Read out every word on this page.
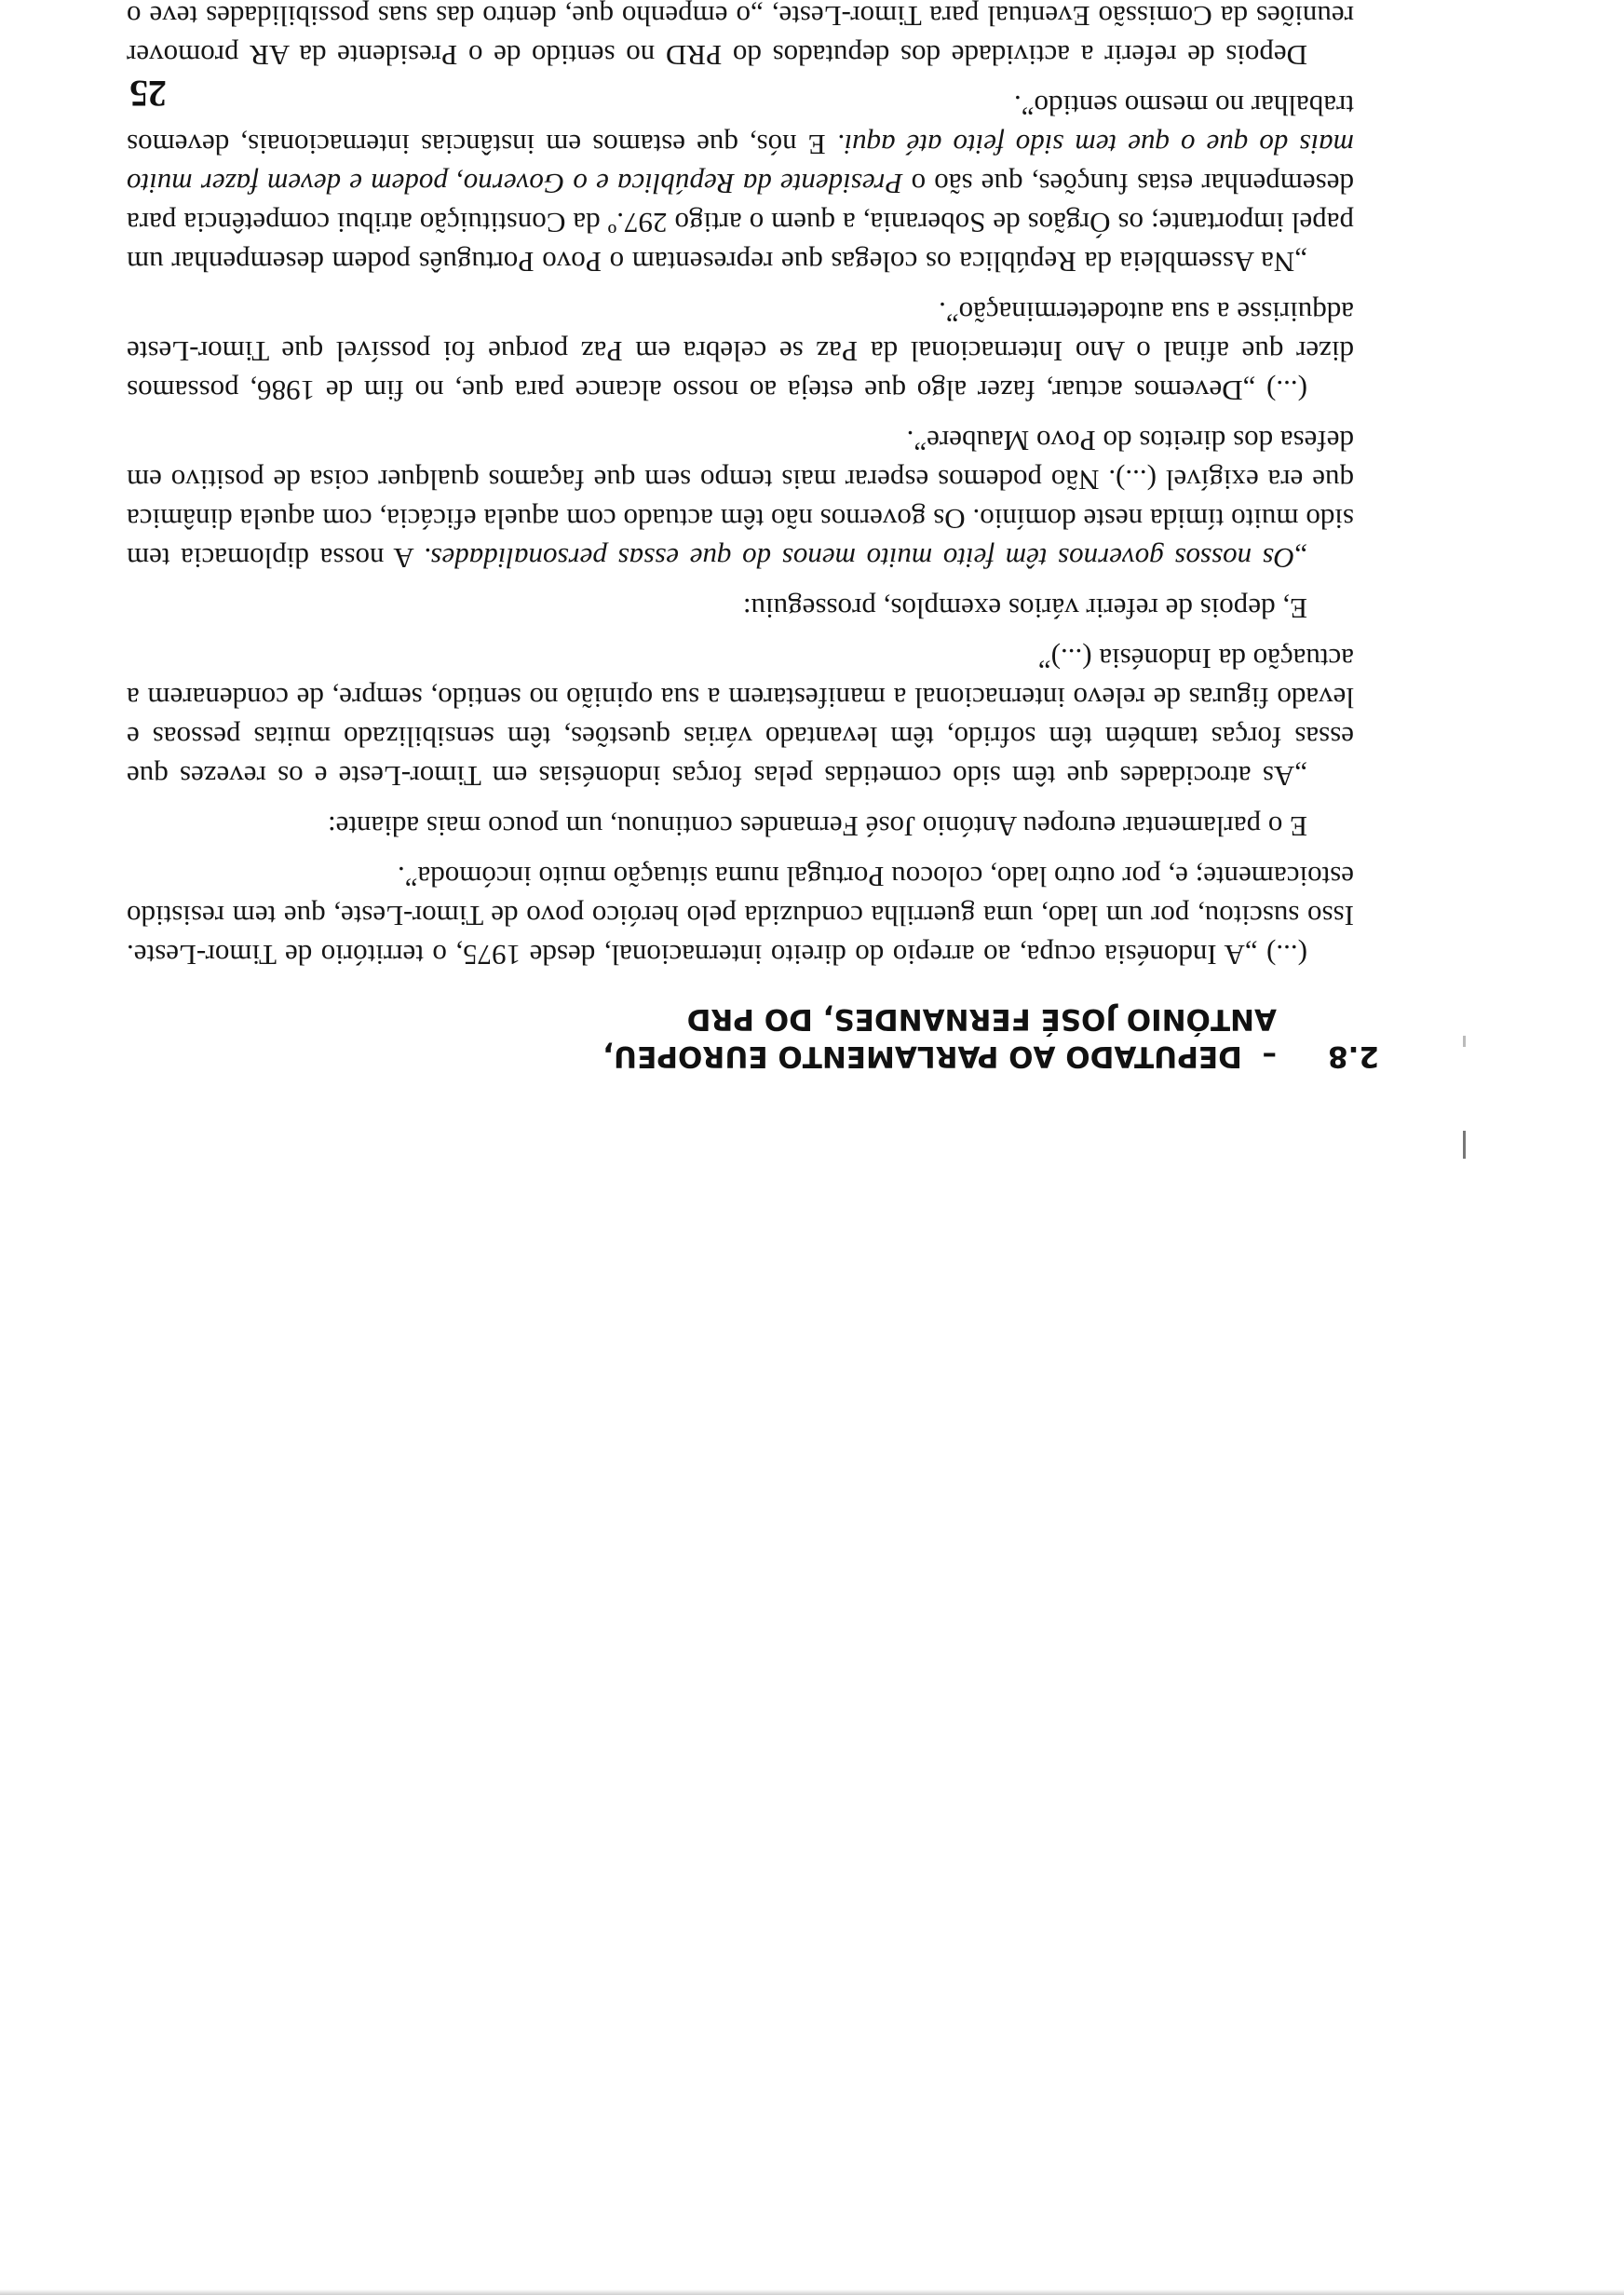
2.8–  DEPUTADO AO PARLAMENTO EUROPEU,
ANTÓNIO JOSÉ FERNANDES, DO PRD

(...) „A Indonésia ocupa, ao arrepio do direito internacional, desde 1975, o território de Timor-Leste. Isso suscitou, por um lado, uma guerrilha conduzida pelo heróico povo de Timor-Leste, que tem resistido estoicamente; e, por outro lado, colocou Portugal numa situação muito incómoda”.

E o parlamentar europeu António José Fernandes continuou, um pouco mais adiante:

„As atrocidades que têm sido cometidas pelas forças indonésias em Timor-Leste e os revezes que essas forças também têm sofrido, têm levantado várias questões, têm sensibilizado muitas pessoas e levado figuras de relevo internacional a manifestarem a sua opinião no sentido, sempre, de condenarem a actuação da Indonésia (...)”

E, depois de referir vários exemplos, prosseguiu:

„Os nossos governos têm feito muito menos do que essas personalidades. A nossa diplomacia tem sido muito tímida neste domínio. Os governos não têm actuado com aquela eficácia, com aquela dinâmica que era exigível (...). Não podemos esperar mais tempo sem que façamos qualquer coisa de positivo em defesa dos direitos do Povo Maubere”.

(...) „Devemos actuar, fazer algo que esteja ao nosso alcance para que, no fim de 1986, possamos dizer que afinal o Ano Internacional da Paz se celebra em Paz porque foi possível que Timor-Leste adquirisse a sua autodeterminação”.

„Na Assembleia da República os colegas que representam o Povo Português podem desempenhar um papel importante; os Órgãos de Soberania, a quem o artigo 297.º da Constituição atribui competência para desempenhar estas funções, que são o Presidente da República e o Governo, podem e devem fazer muito mais do que o que tem sido feito até aqui. E nós, que estamos em instâncias internacionais, devemos trabalhar no mesmo sentido”.

Depois de referir a actividade dos deputados do PRD no sentido de o Presidente da AR promover reuniões da Comissão Eventual para Timor-Leste, „o empenho que, dentro das suas possibilidades teve o

25
